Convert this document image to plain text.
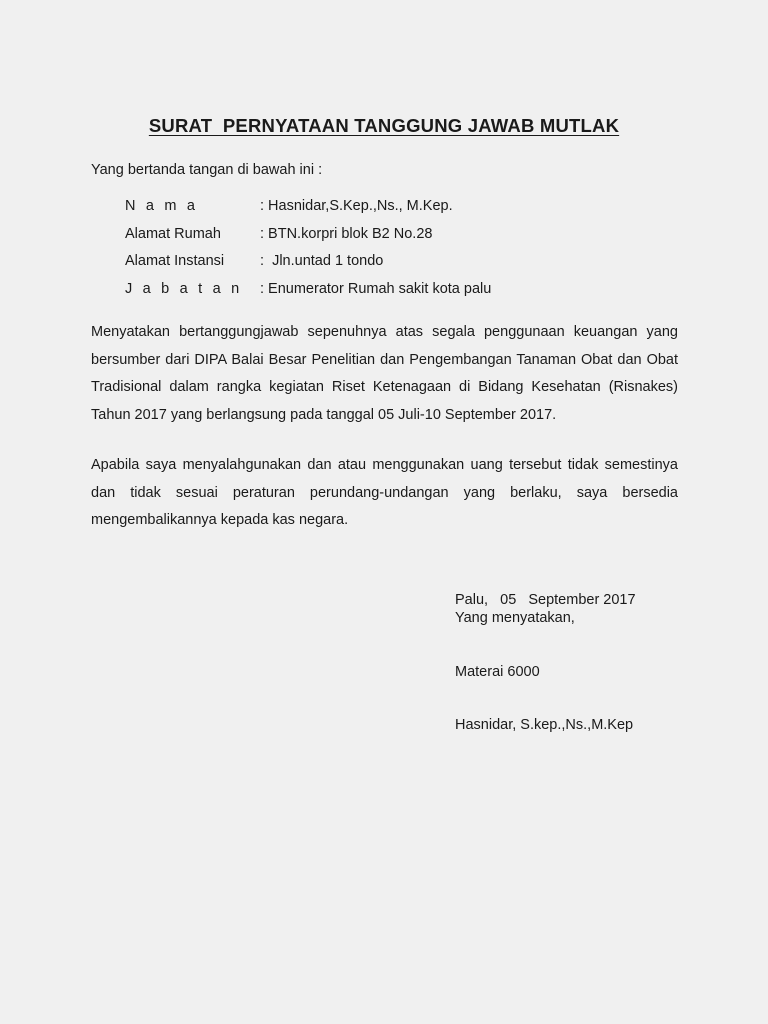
SURAT  PERNYATAAN TANGGUNG JAWAB MUTLAK
Yang bertanda tangan di bawah ini :
N a m a	: Hasnidar,S.Kep.,Ns., M.Kep.
Alamat Rumah	: BTN.korpri blok B2 No.28
Alamat Instansi :  Jln.untad 1 tondo
J a b a t a n : Enumerator Rumah sakit kota palu
Menyatakan bertanggungjawab sepenuhnya atas segala penggunaan keuangan yang bersumber dari DIPA Balai Besar Penelitian dan Pengembangan Tanaman Obat dan Obat Tradisional dalam rangka kegiatan Riset Ketenagaan di Bidang Kesehatan (Risnakes) Tahun 2017 yang berlangsung pada tanggal 05 Juli-10 September 2017.
Apabila saya menyalahgunakan dan atau menggunakan uang tersebut tidak semestinya dan tidak sesuai peraturan perundang-undangan yang berlaku, saya bersedia mengembalikannya kepada kas negara.
Palu,   05   September 2017
Yang menyatakan,
Materai 6000
Hasnidar, S.kep.,Ns.,M.Kep
